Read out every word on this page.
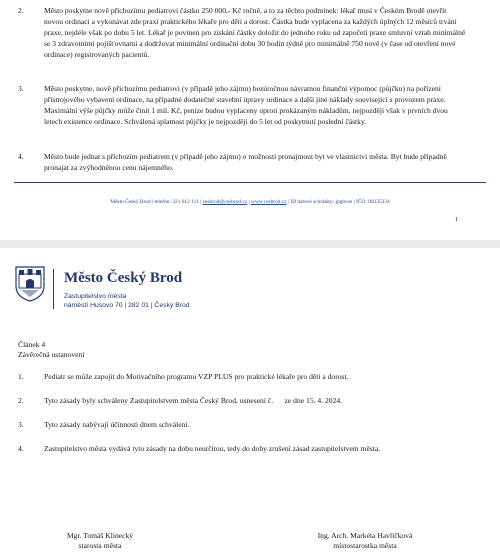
2.	Město poskytne nově příchozímu pediatrovi částku 250 000,- Kč ročně, a to za těchto podmínek: lékař musí v Českém Brodě otevřít novou ordinaci a vykonávat zde praxi praktického lékaře pro děti a dorost. Částka bude vyplacena za každých úplných 12 měsíců trvání praxe, nejdéle však po dobu 5 let. Lékař je povinen pro získání částky doložit do jednoho roku od započetí praxe smluvní vztah minimálně se 3 zdravotními pojišťovnami a dodržovat minimální ordinační dobu 30 hodin týdně pro minimálně 750 nově (v čase od otevření nové ordinace) registrovaných pacientů.
3.	Město poskytne, nově příchozímu pediatrovi (v případě jeho zájmu) bezúročnou návratnou finanční výpomoc (půjčku) na pořízení přístrojového vybavení ordinace, na případné dodatečné stavební úpravy ordinace a další jiné náklady související s provozem praxe. Maximální výše půjčky může činit 1 mil. Kč, peníze budou vyplaceny oproti prokázaným nákladům, nejpozději však v prvních dvou letech existence ordinace. Schválená splatnost půjčky je nejpozději do 5 let od poskytnutí poslední částky.
4.	Město bude jednat s příchozím pediatrem (v případě jeho zájmu) o možnosti pronajmout byt ve vlastnictví města. Byt bude případně pronajat za zvýhodněnou cenu nájemného.
Město Český Brod | telefon: 321 612 111 | cesbrod@cesbrod.cz | www.cesbrod.cz | ID datové schránky: jpgbvse | IČO: 00235334
1
Město Český Brod
Zastupitelstvo města
náměstí Husovo 70 | 282 01 | Český Brod
Článek 4
Závěrečná ustanovení
1.	Pediatr se může zapojit do Motivačního programu VZP PLUS pro praktické lékaře pro děti a dorost.
2.	Tyto zásady byly schváleny Zastupitelstvem města Český Brod, usnesení č.      ze dne 15. 4. 2024.
3.	Tyto zásady nabývají účinnosti dnem schválení.
4.	Zastupitelstvo města vydává tyto zásady na dobu neurčitou, tedy do doby zrušení zásad zastupitelstvem města.
Mgr. Tomáš Klinecký
starosta města
Ing. Arch. Markéta Havlíčková
místostarostka města
